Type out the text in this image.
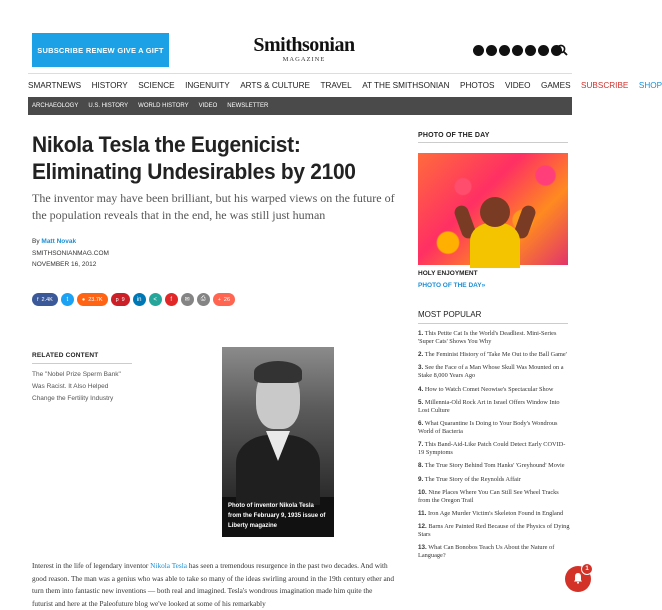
SUBSCRIBE RENEW GIVE A GIFT	Smithsonian
MAGAZINE
SMARTNEWS HISTORY SCIENCE INGENUITY ARTS & CULTURE TRAVEL AT THE SMITHSONIAN PHOTOS VIDEO GAMES SUBSCRIBE SHOP
ARCHAEOLOGY U.S. HISTORY WORLD HISTORY VIDEO NEWSLETTER
Nikola Tesla the Eugenicist: Eliminating Undesirables by 2100

The inventor may have been brilliant, but his warped views on the future of the population reveals that in the end, he was still just human

By Matt Novak
SMITHSONIANMAG.COM
NOVEMBER 16, 2012
f 2.4K t ● 23.7K p 9 in < f ✉ ⎙ + 26
RELATED CONTENT
The "Nobel Prize Sperm Bank" Was Racist. It Also Helped Change the Fertility Industry
Photo of inventor Nikola Tesla from the February 9, 1935 issue of Liberty magazine

Interest in the life of legendary inventor Nikola Tesla has seen a tremendous resurgence in the past two decades. And with good reason. The man was a genius who was able to take so many of the ideas swirling around in the 19th century ether and turn them into fantastic new inventions — both real and imagined. Tesla's wondrous imagination made him quite the futurist and here at the Paleofuture blog we've looked at some of his remarkably

PHOTO OF THE DAY
HOLY ENJOYMENT
PHOTO OF THE DAY»
MOST POPULAR
1. This Petite Cat Is the World's Deadliest. Mini-Series 'Super Cats' Shows You Why
2. The Feminist History of 'Take Me Out to the Ball Game'
3. See the Face of a Man Whose Skull Was Mounted on a Stake 8,000 Years Ago
4. How to Watch Comet Neowise's Spectacular Show
5. Millennia-Old Rock Art in Israel Offers Window Into Lost Culture
6. What Quarantine Is Doing to Your Body's Wondrous World of Bacteria
7. This Band-Aid-Like Patch Could Detect Early COVID-19 Symptoms
8. The True Story Behind Tom Hanks' 'Greyhound' Movie
9. The True Story of the Reynolds Affair
10. Nine Places Where You Can Still See Wheel Tracks from the Oregon Trail
11. Iron Age Murder Victim's Skeleton Found in England
12. Barns Are Painted Red Because of the Physics of Dying Stars
13. What Can Bonobos Teach Us About the Nature of Language?
1
